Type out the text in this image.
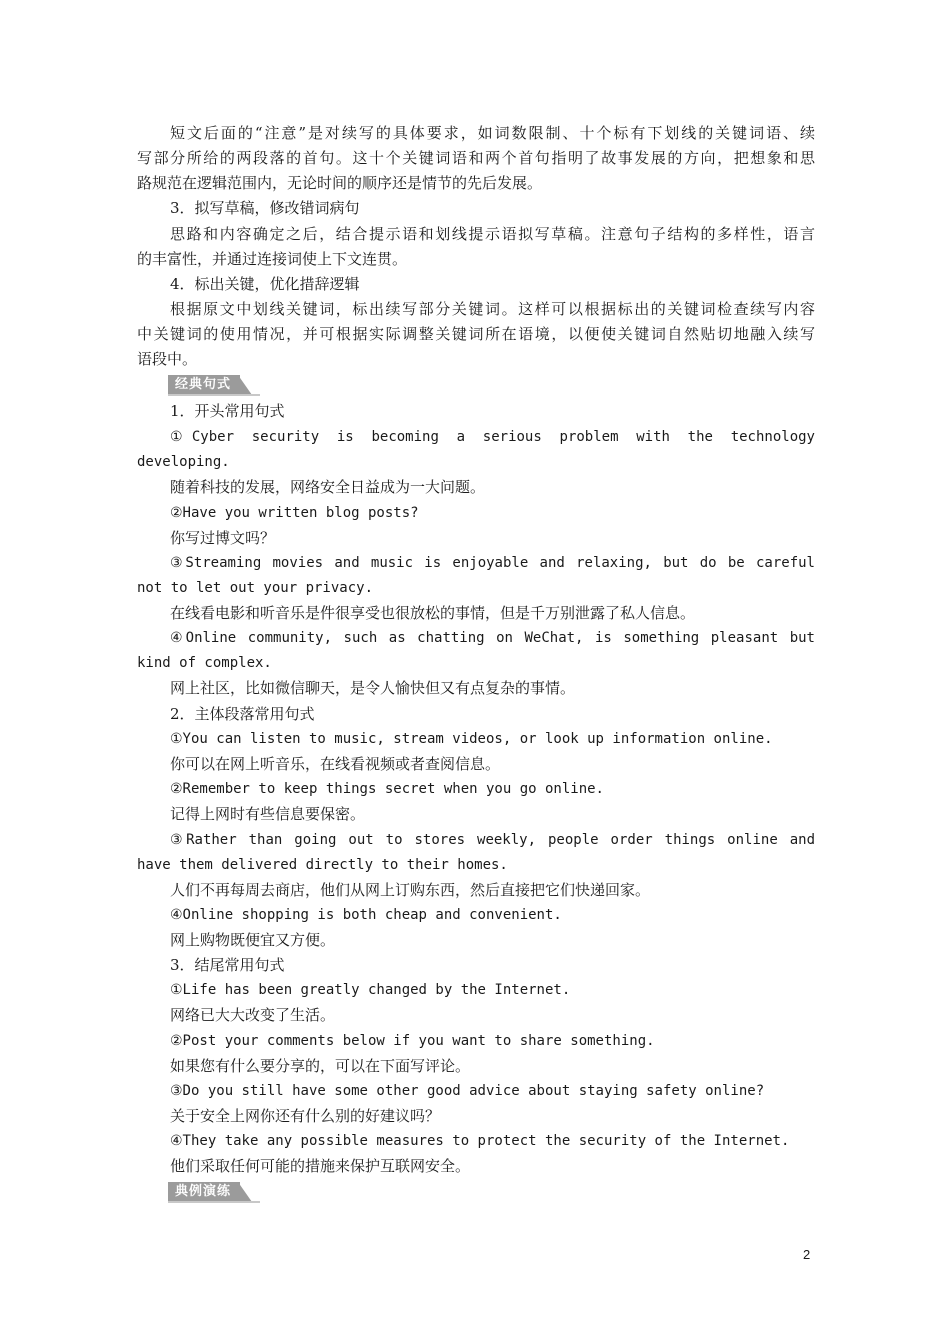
短文后面的“注意”是对续写的具体要求，如词数限制、十个标有下划线的关键词语、续
写部分所给的两段落的首句。这十个关键词语和两个首句指明了故事发展的方向，把想象和思
路规范在逻辑范围内，无论时间的顺序还是情节的先后发展。
3．拟写草稿，修改错词病句
思路和内容确定之后，结合提示语和划线提示语拟写草稿。注意句子结构的多样性，语言
的丰富性，并通过连接词使上下文连贯。
4．标出关键，优化措辞逻辑
根据原文中划线关键词，标出续写部分关键词。这样可以根据标出的关键词检查续写内容
中关键词的使用情况，并可根据实际调整关键词所在语境，以便使关键词自然贴切地融入续写
语段中。
经典句式
1．开头常用句式
①Cyber security is becoming a serious problem with the technology
developing.
随着科技的发展，网络安全日益成为一大问题。
②Have you written blog posts?
你写过博文吗？
③Streaming movies and music is enjoyable and relaxing, but do be careful
not to let out your privacy.
在线看电影和听音乐是件很享受也很放松的事情，但是千万别泄露了私人信息。
④Online community, such as chatting on WeChat, is something pleasant but
kind of complex.
网上社区，比如微信聊天，是令人愉快但又有点复杂的事情。
2．主体段落常用句式
①You can listen to music, stream videos, or look up information online.
你可以在网上听音乐，在线看视频或者查阅信息。
②Remember to keep things secret when you go online.
记得上网时有些信息要保密。
③Rather than going out to stores weekly, people order things online and
have them delivered directly to their homes.
人们不再每周去商店，他们从网上订购东西，然后直接把它们快递回家。
④Online shopping is both cheap and convenient.
网上购物既便宜又方便。
3．结尾常用句式
①Life has been greatly changed by the Internet.
网络已大大改变了生活。
②Post your comments below if you want to share something.
如果您有什么要分享的，可以在下面写评论。
③Do you still have some other good advice about staying safety online?
关于安全上网你还有什么别的好建议吗？
④They take any possible measures to protect the security of the Internet.
他们采取任何可能的措施来保护互联网安全。
典例演练
2
